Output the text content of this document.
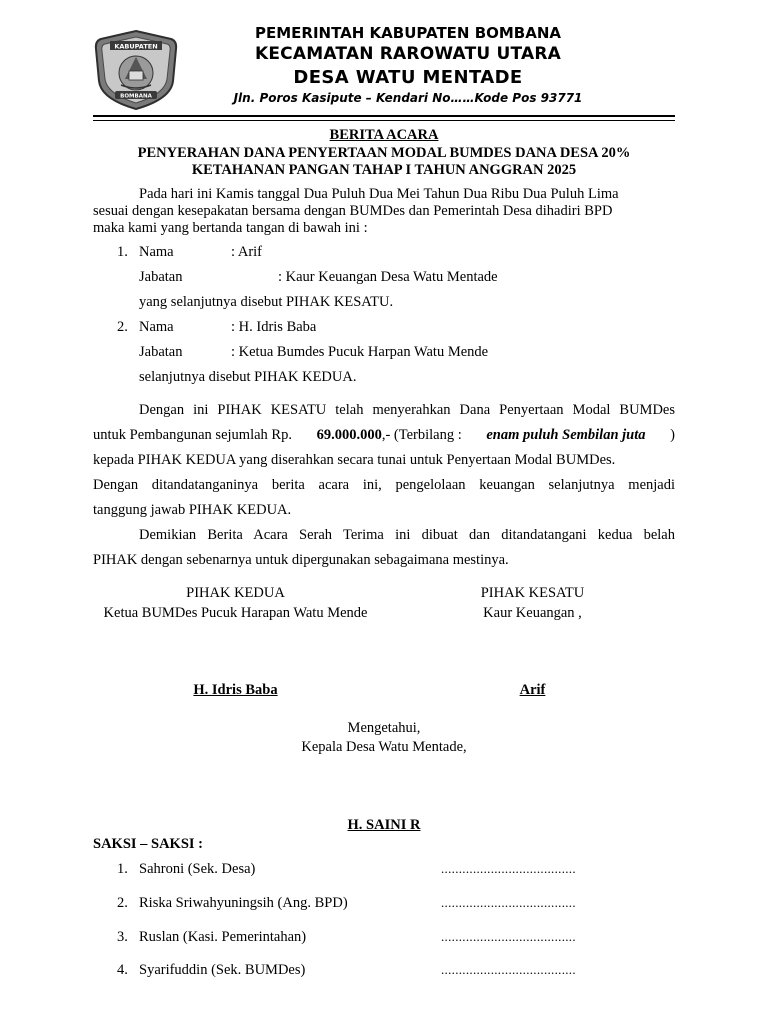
KABUPATEN
BOMBANA
PEMERINTAH KABUPATEN BOMBANA
KECAMATAN RAROWATU UTARA
DESA WATU MENTADE
Jln. Poros Kasipute – Kendari No……Kode Pos 93771
BERITA ACARA
PENYERAHAN DANA PENYERTAAN MODAL BUMDES DANA DESA 20%
KETAHANAN PANGAN TAHAP I TAHUN ANGGRAN 2025
Pada hari ini Kamis tanggal Dua Puluh Dua Mei Tahun Dua Ribu Dua Puluh Lima
sesuai dengan kesepakatan bersama dengan BUMDes dan Pemerintah Desa dihadiri BPD
maka kami yang bertanda tangan di bawah ini :
1. Nama	: Arif
Jabatan	: Kaur Keuangan Desa Watu Mentade
yang selanjutnya disebut PIHAK KESATU.
2. Nama	: H. Idris Baba
Jabatan	: Ketua Bumdes Pucuk Harpan Watu Mende
selanjutnya disebut PIHAK KEDUA.
Dengan ini PIHAK KESATU telah menyerahkan Dana Penyertaan Modal BUMDes
untuk Pembangunan sejumlah Rp. 69.000.000,- (Terbilang : enam puluh Sembilan juta )
kepada PIHAK KEDUA yang diserahkan secara tunai untuk Penyertaan Modal BUMDes.
Dengan ditandatanganinya berita acara ini, pengelolaan keuangan selanjutnya menjadi
tanggung jawab PIHAK KEDUA.
Demikian Berita Acara Serah Terima ini dibuat dan ditandatangani kedua belah
PIHAK dengan sebenarnya untuk dipergunakan sebagaimana mestinya.
PIHAK KEDUA
Ketua BUMDes Pucuk Harapan Watu Mende
PIHAK KESATU
Kaur Keuangan ,
H. Idris Baba	Arif
Mengetahui,
Kepala Desa Watu Mentade,
H. SAINI R
SAKSI – SAKSI :
1. Sahroni (Sek. Desa)	......................................
2. Riska Sriwahyuningsih (Ang. BPD)	......................................
3. Ruslan (Kasi. Pemerintahan)	......................................
4. Syarifuddin (Sek. BUMDes)	......................................
